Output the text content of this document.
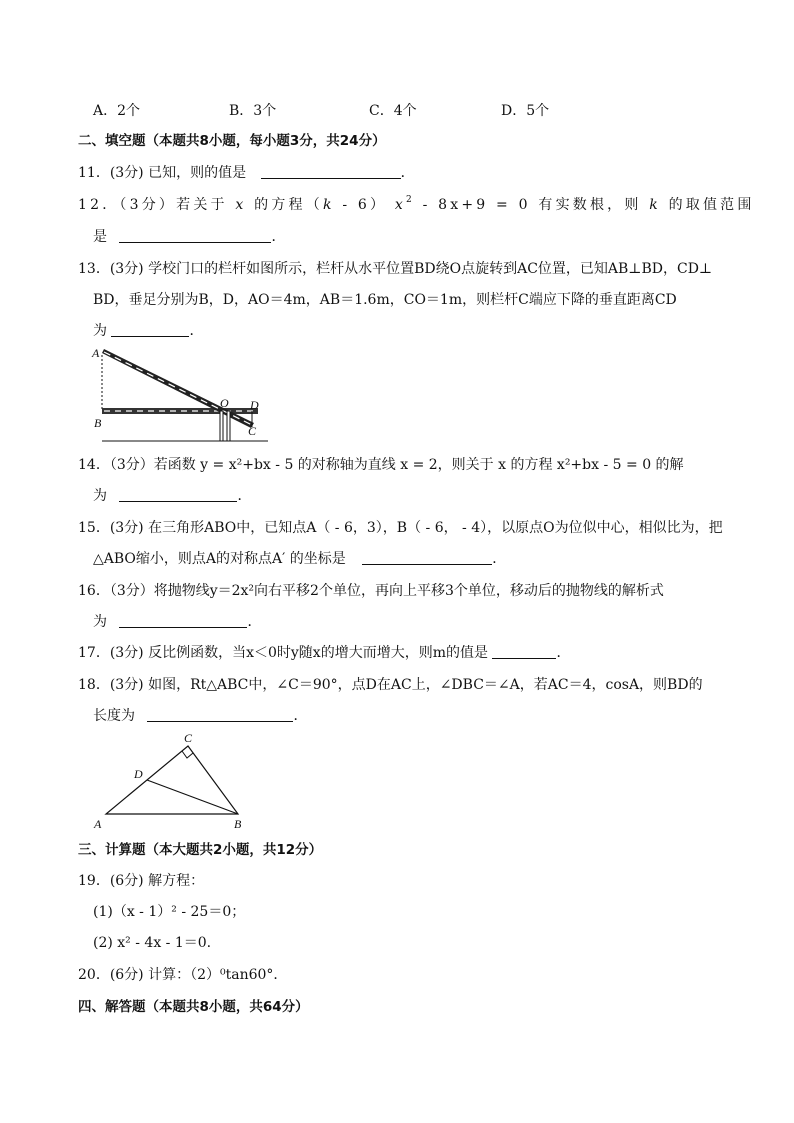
A．2个	B．3个	C．4个	D．5个
二、填空题（本题共8小题，每小题3分，共24分）
11．(3分) 已知，则的值是	．
12．（3分）若关于 x 的方程（k - 6） $x^2 - 8x+9 = 0$ 有实数根，则 k 的取值范围
是	．
13．(3分) 学校门口的栏杆如图所示，栏杆从水平位置BD绕O点旋转到AC位置，已知AB⊥BD，CD⊥
BD，垂足分别为B，D，AO＝4m，AB＝1.6m，CO＝1m，则栏杆C端应下降的垂直距离CD
为	．
A
B
O D
C
14．（3分）若函数 y = x²+bx - 5 的对称轴为直线 x = 2，则关于 x 的方程 x²+bx - 5 = 0 的解
为	．
15．(3分) 在三角形ABO中，已知点A（ - 6，3），B（ - 6， - 4），以原点O为位似中心，相似比为，把
△ABO缩小，则点A的对称点A′ 的坐标是	．
16．（3分）将抛物线y＝2x²向右平移2个单位，再向上平移3个单位，移动后的抛物线的解析式
为	．
17．(3分) 反比例函数，当x＜0时y随x的增大而增大，则m的值是	．
18．(3分) 如图，Rt△ABC中，∠C＝90°，点D在AC上，∠DBC＝∠A，若AC＝4，cosA，则BD的
长度为	．
C
D
A	B
三、计算题（本大题共2小题，共12分）
19．(6分) 解方程：
(1)（x - 1）² - 25＝0；
(2) x² - 4x - 1＝0.
20．(6分) 计算：（2）⁰tan60°．
四、解答题（本题共8小题，共64分）
